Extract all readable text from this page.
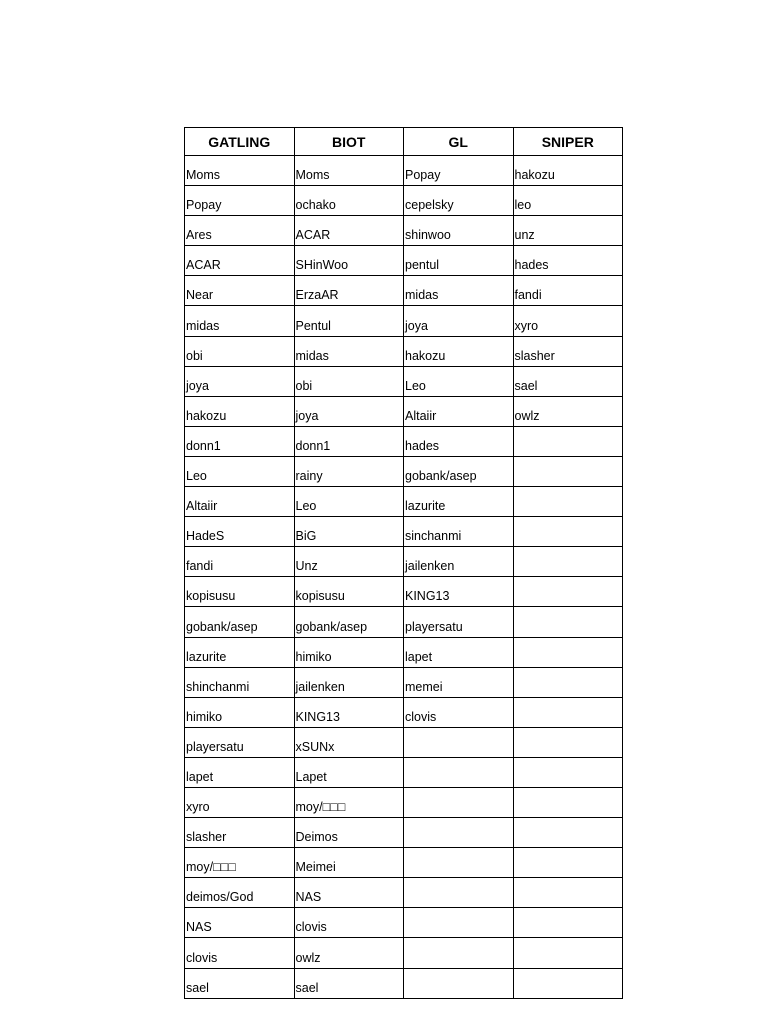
GATLING	BIOT	GL	SNIPER
Moms	Moms	Popay	hakozu
Popay	ochako	cepelsky	leo
Ares	ACAR	shinwoo	unz
ACAR	SHinWoo	pentul	hades
Near	ErzaAR	midas	fandi
midas	Pentul	joya	xyro
obi	midas	hakozu	slasher
joya	obi	Leo	sael
hakozu	joya	Altaiir	owlz
donn1	donn1	hades	
Leo	rainy	gobank/asep	
Altaiir	Leo	lazurite	
HadeS	BiG	sinchanmi	
fandi	Unz	jailenken	
kopisusu	kopisusu	KING13	
gobank/asep	gobank/asep	playersatu	
lazurite	himiko	lapet	
shinchanmi	jailenken	memei	
himiko	KING13	clovis	
playersatu	xSUNx		
lapet	Lapet		
xyro	moy/□□□		
slasher	Deimos		
moy/□□□	Meimei		
deimos/God	NAS		
NAS	clovis		
clovis	owlz		
sael	sael		
